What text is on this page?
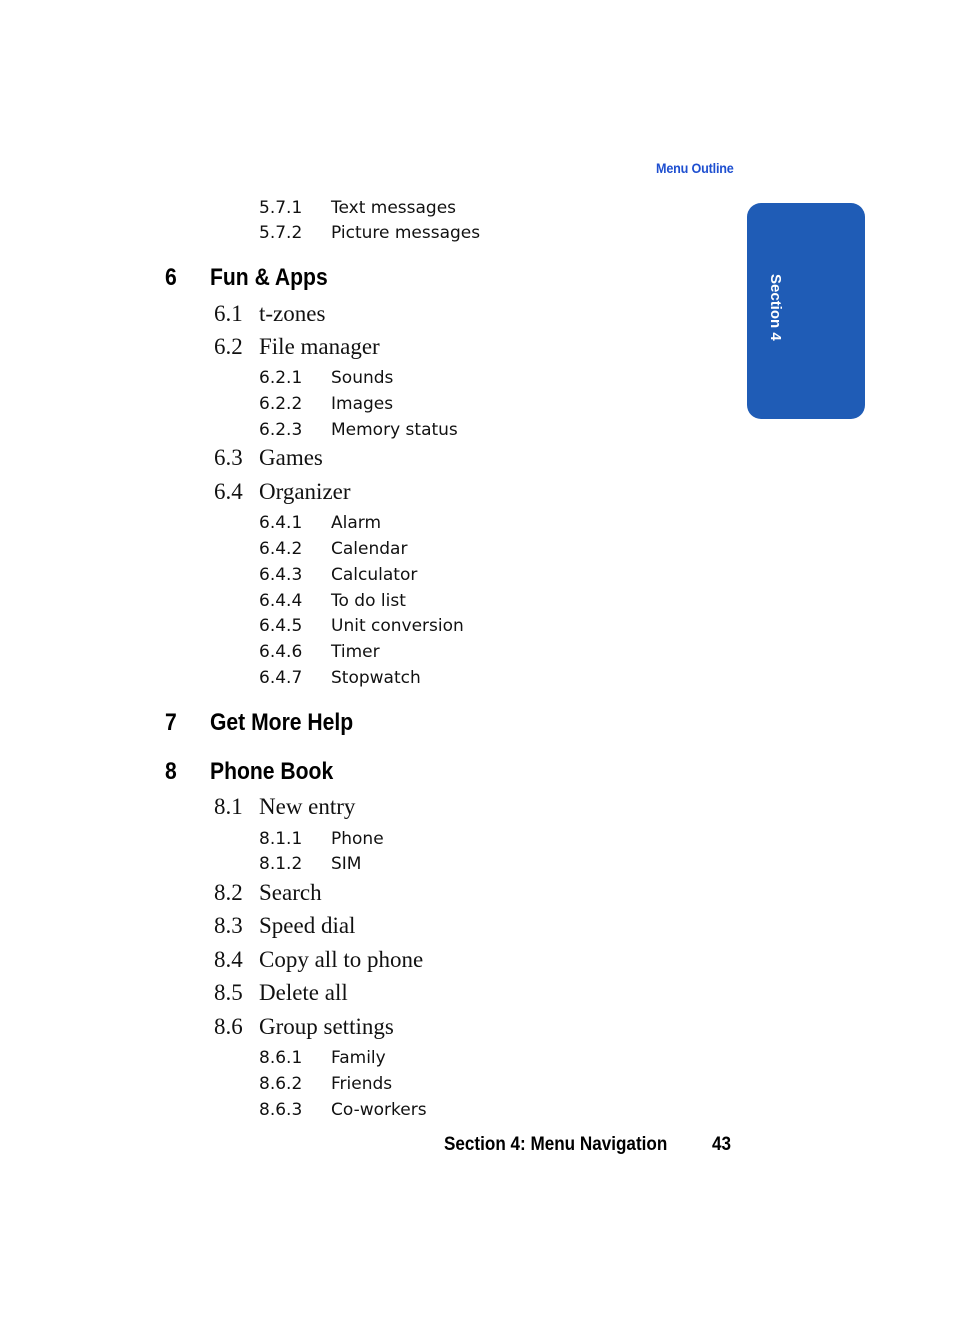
Menu Outline
Section 4
5.7.1 Text messages
5.7.2 Picture messages
6 Fun & Apps
6.1 t-zones
6.2 File manager
6.2.1 Sounds
6.2.2 Images
6.2.3 Memory status
6.3 Games
6.4 Organizer
6.4.1 Alarm
6.4.2 Calendar
6.4.3 Calculator
6.4.4 To do list
6.4.5 Unit conversion
6.4.6 Timer
6.4.7 Stopwatch
7 Get More Help
8 Phone Book
8.1 New entry
8.1.1 Phone
8.1.2 SIM
8.2 Search
8.3 Speed dial
8.4 Copy all to phone
8.5 Delete all
8.6 Group settings
8.6.1 Family
8.6.2 Friends
8.6.3 Co-workers
Section 4: Menu Navigation 43
